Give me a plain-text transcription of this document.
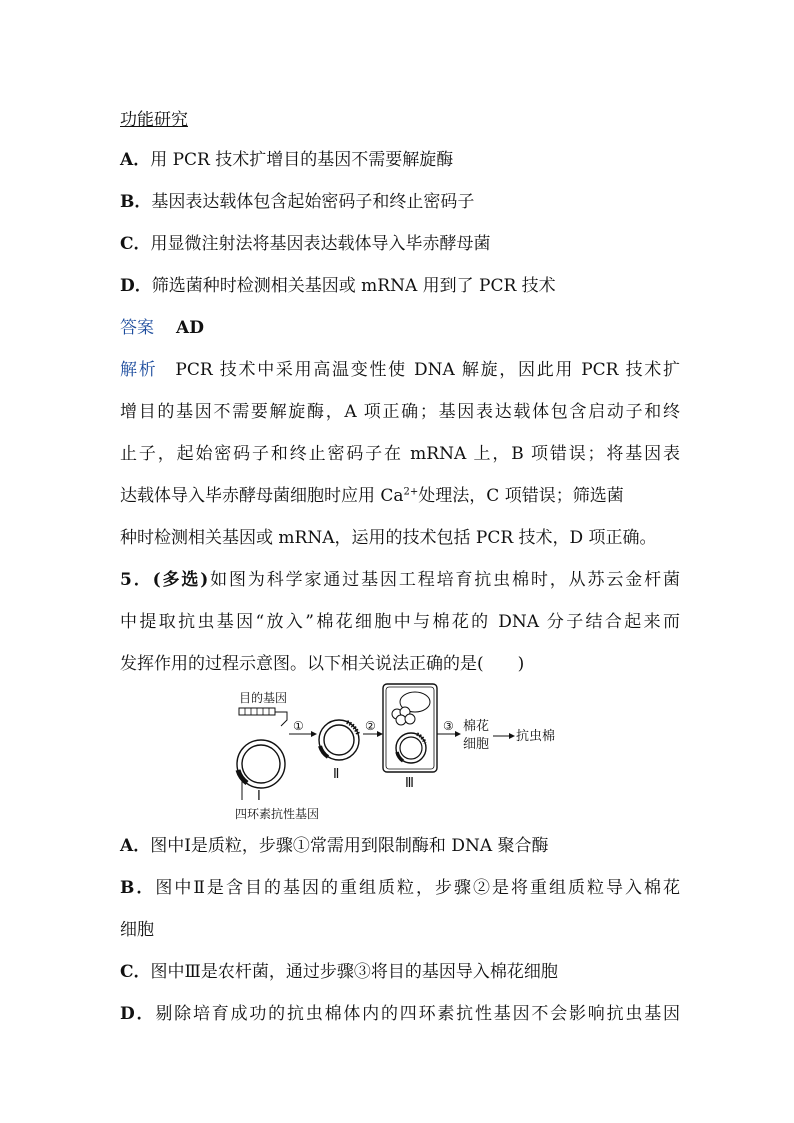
功能研究
A．用 PCR 技术扩增目的基因不需要解旋酶
B．基因表达载体包含起始密码子和终止密码子
C．用显微注射法将基因表达载体导入毕赤酵母菌
D．筛选菌种时检测相关基因或 mRNA 用到了 PCR 技术
答案 AD
解析 PCR 技术中采用高温变性使 DNA 解旋，因此用 PCR 技术扩
增目的基因不需要解旋酶，A 项正确；基因表达载体包含启动子和终
止子，起始密码子和终止密码子在 mRNA 上，B 项错误；将基因表
达载体导入毕赤酵母菌细胞时应用 $Ca^{2+}$处理法，C 项错误；筛选菌
种时检测相关基因或 mRNA，运用的技术包括 PCR 技术，D 项正确。
5．(多选)如图为科学家通过基因工程培育抗虫棉时，从苏云金杆菌
中提取抗虫基因“放入”棉花细胞中与棉花的 DNA 分子结合起来而
发挥作用的过程示意图。以下相关说法正确的是(　　)
目的基因
Ⅰ
四环素抗性基因
①
Ⅱ
②
Ⅲ
③ 棉花
细胞
抗虫棉
A．图中Ⅰ是质粒，步骤①常需用到限制酶和 DNA 聚合酶
B．图中Ⅱ是含目的基因的重组质粒，步骤②是将重组质粒导入棉花
细胞
C．图中Ⅲ是农杆菌，通过步骤③将目的基因导入棉花细胞
D．剔除培育成功的抗虫棉体内的四环素抗性基因不会影响抗虫基因
